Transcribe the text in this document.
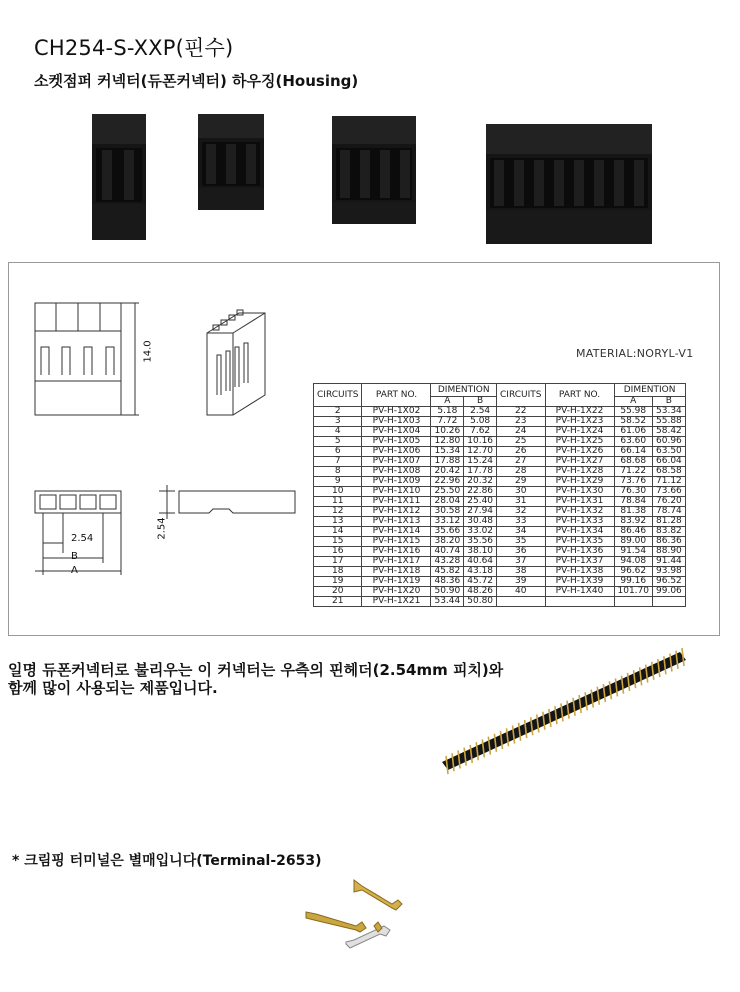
CH254-S-XXP(핀수)
소켓점퍼 커넥터(듀폰커넥터) 하우징(Housing)
14.0
2.54
2.54
B
A
MATERIAL:NORYL-V1
CIRCUITS	PART NO.	DIMENTION		CIRCUITS	PART NO.	DIMENTION	
		A	B			A	B
2	PV-H-1X02	5.18	2.54	22	PV-H-1X22	55.98	53.34
3	PV-H-1X03	7.72	5.08	23	PV-H-1X23	58.52	55.88
4	PV-H-1X04	10.26	7.62	24	PV-H-1X24	61.06	58.42
5	PV-H-1X05	12.80	10.16	25	PV-H-1X25	63.60	60.96
6	PV-H-1X06	15.34	12.70	26	PV-H-1X26	66.14	63.50
7	PV-H-1X07	17.88	15.24	27	PV-H-1X27	68.68	66.04
8	PV-H-1X08	20.42	17.78	28	PV-H-1X28	71.22	68.58
9	PV-H-1X09	22.96	20.32	29	PV-H-1X29	73.76	71.12
10	PV-H-1X10	25.50	22.86	30	PV-H-1X30	76.30	73.66
11	PV-H-1X11	28.04	25.40	31	PV-H-1X31	78.84	76.20
12	PV-H-1X12	30.58	27.94	32	PV-H-1X32	81.38	78.74
13	PV-H-1X13	33.12	30.48	33	PV-H-1X33	83.92	81.28
14	PV-H-1X14	35.66	33.02	34	PV-H-1X34	86.46	83.82
15	PV-H-1X15	38.20	35.56	35	PV-H-1X35	89.00	86.36
16	PV-H-1X16	40.74	38.10	36	PV-H-1X36	91.54	88.90
17	PV-H-1X17	43.28	40.64	37	PV-H-1X37	94.08	91.44
18	PV-H-1X18	45.82	43.18	38	PV-H-1X38	96.62	93.98
19	PV-H-1X19	48.36	45.72	39	PV-H-1X39	99.16	96.52
20	PV-H-1X20	50.90	48.26	40	PV-H-1X40	101.70	99.06
21	PV-H-1X21	53.44	50.80				
일명 듀폰커넥터로 불리우는 이 커넥터는 우측의 핀헤더(2.54mm 피치)와
함께 많이 사용되는 제품입니다.
* 크림핑 터미널은 별매입니다(Terminal-2653)
